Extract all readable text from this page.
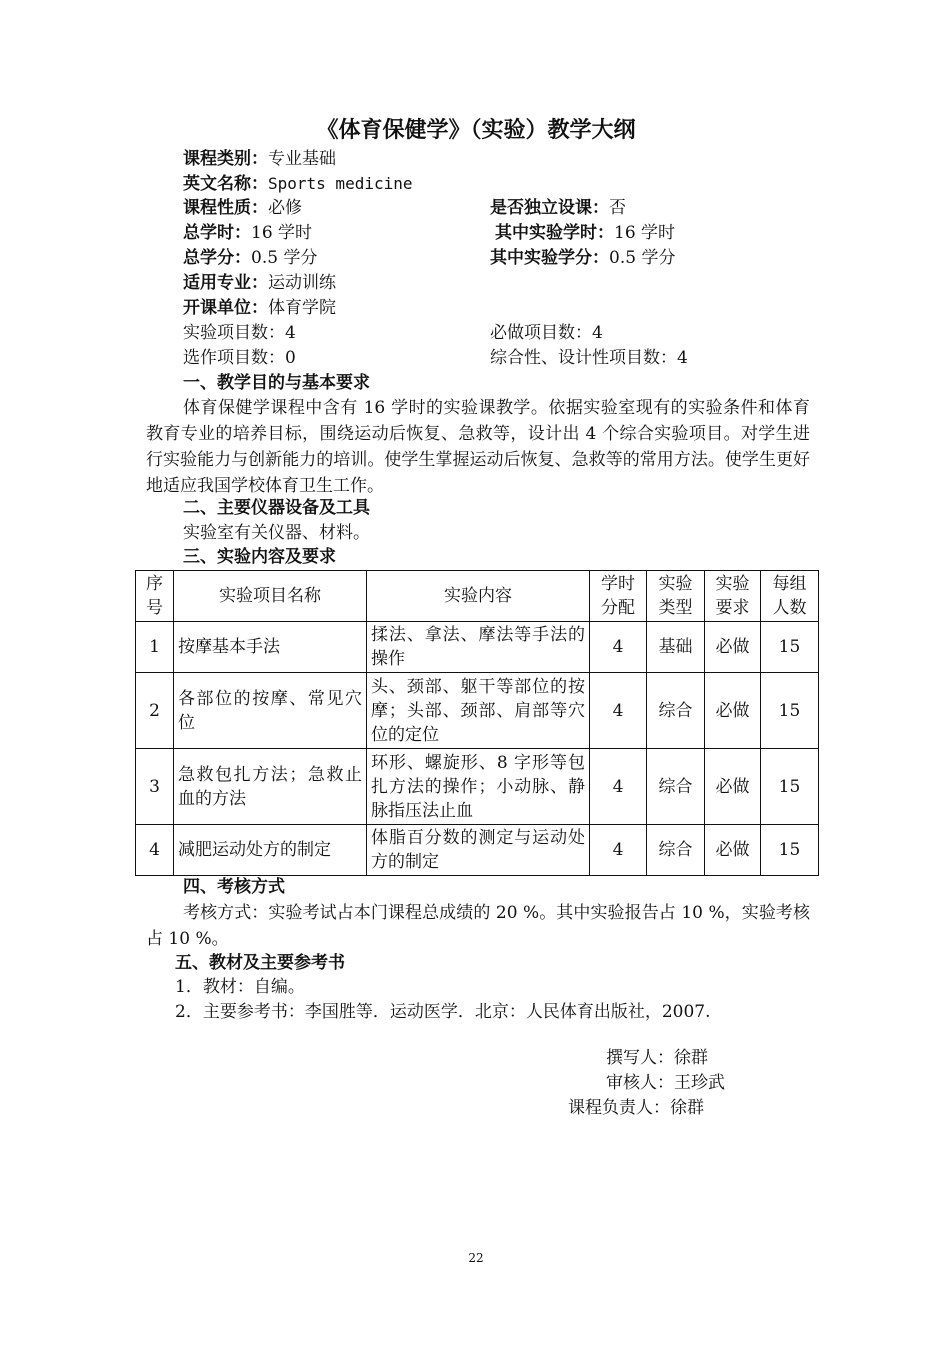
《体育保健学》（实验）教学大纲
课程类别：专业基础
英文名称：Sports medicine
课程性质：必修	是否独立设课：否
总学时：16 学时	其中实验学时：16 学时
总学分：0.5 学分	其中实验学分：0.5 学分
适用专业：运动训练
开课单位：体育学院
实验项目数：4	必做项目数：4
选作项目数：0	综合性、设计性项目数：4
一、教学目的与基本要求
体育保健学课程中含有 16 学时的实验课教学。依据实验室现有的实验条件和体育教育专业的培养目标，围绕运动后恢复、急救等，设计出 4 个综合实验项目。对学生进行实验能力与创新能力的培训。使学生掌握运动后恢复、急救等的常用方法。使学生更好地适应我国学校体育卫生工作。
二、主要仪器设备及工具
实验室有关仪器、材料。
三、实验内容及要求
序号	实验项目名称	实验内容	学时分配	实验类型	实验要求	每组人数
1	按摩基本手法	揉法、拿法、摩法等手法的操作	4	基础	必做	15
2	各部位的按摩、常见穴位	头、颈部、躯干等部位的按摩；头部、颈部、肩部等穴位的定位	4	综合	必做	15
3	急救包扎方法；急救止血的方法	环形、螺旋形、8 字形等包扎方法的操作；小动脉、静脉指压法止血	4	综合	必做	15
4	减肥运动处方的制定	体脂百分数的测定与运动处方的制定	4	综合	必做	15
四、考核方式
考核方式：实验考试占本门课程总成绩的 20 %。其中实验报告占 10 %，实验考核占 10 %。
五、教材及主要参考书
1．教材：自编。
2．主要参考书：李国胜等．运动医学．北京：人民体育出版社，2007.
撰写人：徐群
审核人：王珍武
课程负责人：徐群
22
